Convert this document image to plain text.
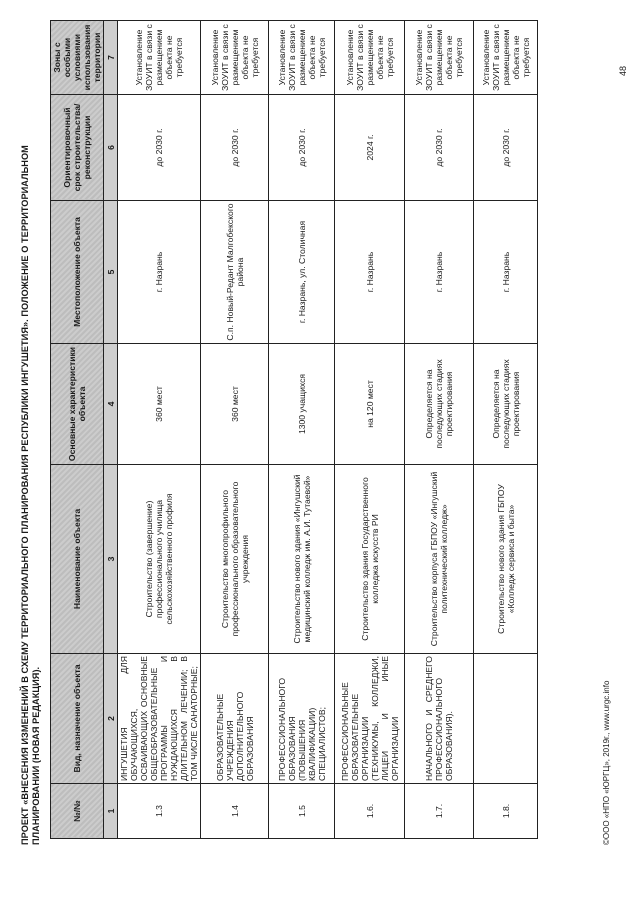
ПРОЕКТ «ВНЕСЕНИЯ ИЗМЕНЕНИЙ В СХЕМУ ТЕРРИТОРИАЛЬНОГО ПЛАНИРОВАНИЯ РЕСПУБЛИКИ ИНГУШЕТИЯ». ПОЛОЖЕНИЕ О ТЕРРИТОРИАЛЬНОМ ПЛАНИРОВАНИИ (НОВАЯ РЕДАКЦИЯ).	№/№	Вид, назначение объекта	Наименование объекта	Основные характеристики объекта	Местоположение объекта	Ориентировочный срок строительства/ реконструкции	Зоны с особыми условиями использования территории
1	2	3	4	5	6	7
1.3	ИНГУШЕТИЯ ДЛЯ ОБУЧАЮЩИХСЯ, ОСВАИВАЮЩИХ ОСНОВНЫЕ ОБЩЕОБРАЗОВАТЕЛЬНЫЕ ПРОГРАММЫ И НУЖДАЮЩИХСЯ В ДЛИТЕЛЬНОМ ЛЕЧЕНИИ; В ТОМ ЧИСЛЕ САНАТОРНЫЕ;	Строительство (завершение) профессионального училища сельскохозяйственного профиля	360 мест	г. Назрань	до 2030 г.	Установление ЗОУИТ в связи с размещением объекта не требуется
1.4	ОБРАЗОВАТЕЛЬНЫЕ УЧРЕЖДЕНИЯ ДОПОЛНИТЕЛЬНОГО ОБРАЗОВАНИЯ	Строительство многопрофильного профессионального образовательного учреждения	360 мест	С.п. Новый-Редант Малгобекского района	до 2030 г.	Установление ЗОУИТ в связи с размещением объекта не требуется
1.5	ПРОФЕССИОНАЛЬНОГО ОБРАЗОВАНИЯ (ПОВЫШЕНИЯ КВАЛИФИКАЦИИ) СПЕЦИАЛИСТОВ;	Строительство нового здания «Ингушский медицинский колледж им. А.И. Тутаевой»	1300 учащихся	г. Назрань, ул. Столичная	до 2030 г.	Установление ЗОУИТ в связи с размещением объекта не требуется
1.6.	ПРОФЕССИОНАЛЬНЫЕ ОБРАЗОВАТЕЛЬНЫЕ ОРГАНИЗАЦИИ (ТЕХНИКУМЫ, КОЛЛЕДЖИ, ЛИЦЕИ И ИНЫЕ ОРГАНИЗАЦИИ	Строительство здания Государственного колледжа искусств РИ	на 120 мест	г. Назрань	2024 г.	Установление ЗОУИТ в связи с размещением объекта не требуется
1.7.	НАЧАЛЬНОГО И СРЕДНЕГО ПРОФЕССИОНАЛЬНОГО ОБРАЗОВАНИЯ).	Строительство корпуса ГБПОУ «Ингушский политехнический колледж»	Определяется на последующих стадиях проектирования	г. Назрань	до 2030 г.	Установление ЗОУИТ в связи с размещением объекта не требуется
1.8.		Строительство нового здания ГБПОУ «Колледж сервиса и быта»	Определяется на последующих стадиях проектирования	г. Назрань	до 2030 г.	Установление ЗОУИТ в связи с размещением объекта не требуется
©ООО «НПО «ЮРГЦ», 2019г., www.urgc.info
48
